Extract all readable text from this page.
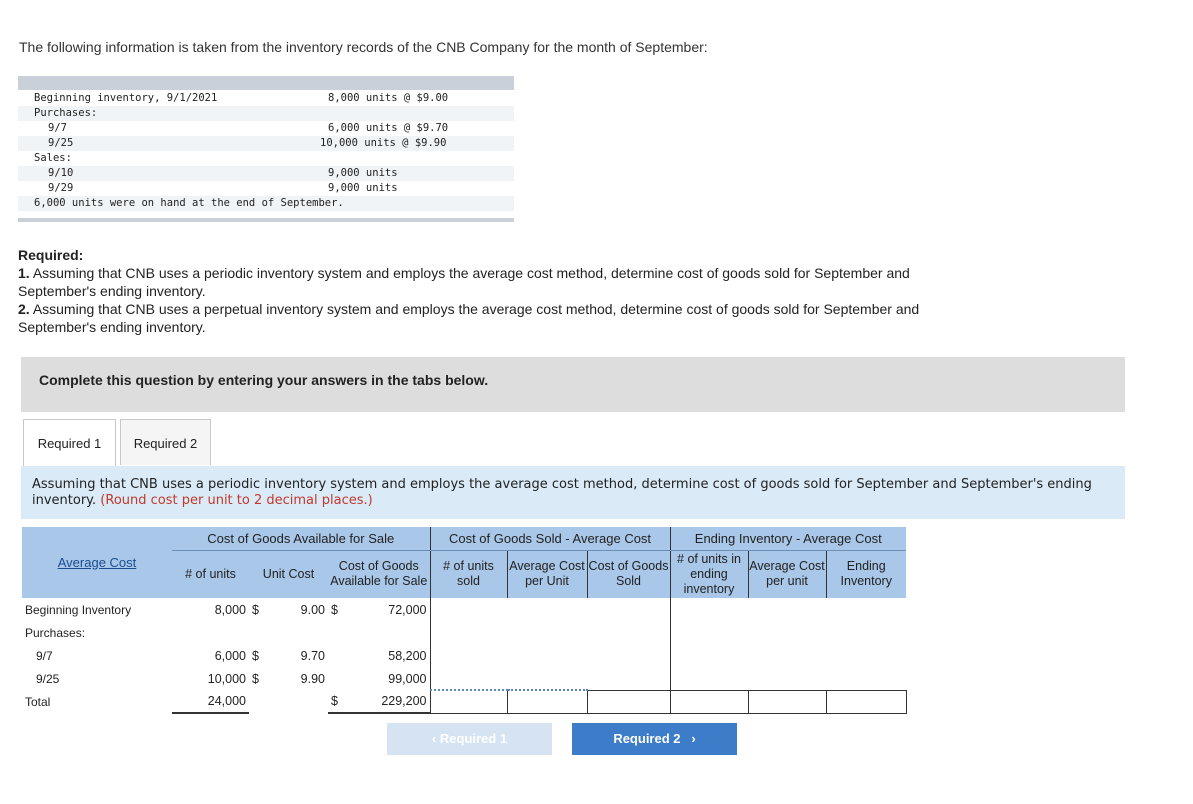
The following information is taken from the inventory records of the CNB Company for the month of September:

Beginning inventory, 9/1/2021

	8,000 units @ $9.00

Purchases:

9/7

	6,000 units @ $9.70

9/25

	10,000 units @ $9.90

Sales:

9/10

	9,000 units

9/29

	9,000 units

6,000 units were on hand at the end of September.

Required:
1. Assuming that CNB uses a periodic inventory system and employs the average cost method, determine cost of goods sold for September and September's ending inventory.
2. Assuming that CNB uses a perpetual inventory system and employs the average cost method, determine cost of goods sold for September and September's ending inventory.
Complete this question by entering your answers in the tabs below.
Required 1	Required 2
Assuming that CNB uses a periodic inventory system and employs the average cost method, determine cost of goods sold for September and September's ending inventory. (Round cost per unit to 2 decimal places.)
Average Cost	Cost of Goods Available for Sale					Cost of Goods Sold - Average Cost			Ending Inventory - Average Cost		
	# of units	Unit Cost		Cost of Goods Available for Sale		# of units sold	Average Cost per Unit	Cost of Goods Sold	# of units in ending inventory	Average Cost per unit	Ending Inventory
Beginning Inventory	8,000	$	9.00	$	72,000						
Purchases:											
9/7	6,000	$	9.70		58,200						
9/25	10,000	$	9.90		99,000						
Total	24,000			$	229,200						
‹ Required 1	Required 2   ›
